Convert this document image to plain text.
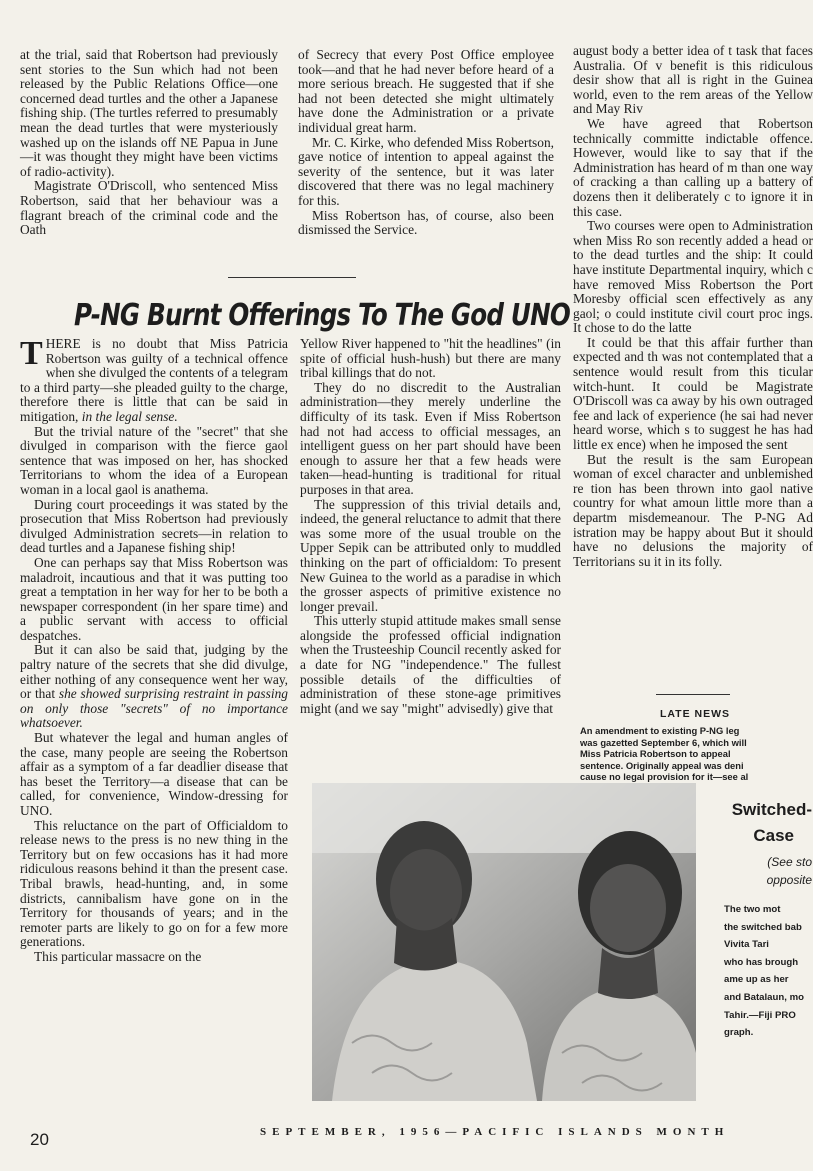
at the trial, said that Robertson had previously sent stories to the Sun which had not been released by the Public Relations Office—one concerned dead turtles and the other a Japanese fishing ship. (The turtles referred to presumably mean the dead turtles that were mysteriously washed up on the islands off NE Papua in June—it was thought they might have been victims of radio-activity).

Magistrate O'Driscoll, who sentenced Miss Robertson, said that her behaviour was a flagrant breach of the criminal code and the Oath

of Secrecy that every Post Office employee took—and that he had never before heard of a more serious breach. He suggested that if she had not been detected she might ultimately have done the Administration or a private individual great harm.

Mr. C. Kirke, who defended Miss Robertson, gave notice of intention to appeal against the severity of the sentence, but it was later discovered that there was no legal machinery for this.

Miss Robertson has, of course, also been dismissed the Service.

august body a better idea of t task that faces Australia. Of v benefit is this ridiculous desir show that all is right in the Guinea world, even to the rem areas of the Yellow and May Riv

We have agreed that Robertson technically committe indictable offence. However, would like to say that if the Administration has heard of m than one way of cracking a than calling up a battery of dozens then it deliberately c to ignore it in this case.

Two courses were open to Administration when Miss Ro son recently added a head or to the dead turtles and the ship: It could have institute Departmental inquiry, which c have removed Miss Robertson the Port Moresby official scen effectively as any gaol; o could institute civil court proc ings. It chose to do the latte

It could be that this affair further than expected and th was not contemplated that a sentence would result from this ticular witch-hunt. It could be Magistrate O'Driscoll was ca away by his own outraged fee and lack of experience (he sai had never heard worse, which s to suggest he has had little ex ence) when he imposed the sent

But the result is the sam European woman of excel character and unblemished re tion has been thrown into gaol native country for what amoun little more than a departm misdemeanour. The P-NG Ad istration may be happy about But it should have no delusions the majority of Territorians su it in its folly.

P-NG Burnt Offerings To The God UNO

THERE is no doubt that Miss Patricia Robertson was guilty of a technical offence when she divulged the contents of a telegram to a third party—she pleaded guilty to the charge, therefore there is little that can be said in mitigation, in the legal sense.

But the trivial nature of the "secret" that she divulged in comparison with the fierce gaol sentence that was imposed on her, has shocked Territorians to whom the idea of a European woman in a local gaol is anathema.

During court proceedings it was stated by the prosecution that Miss Robertson had previously divulged Administration secrets—in relation to dead turtles and a Japanese fishing ship!

One can perhaps say that Miss Robertson was maladroit, incautious and that it was putting too great a temptation in her way for her to be both a newspaper correspondent (in her spare time) and a public servant with access to official despatches.

But it can also be said that, judging by the paltry nature of the secrets that she did divulge, either nothing of any consequence went her way, or that she showed surprising restraint in passing on only those "secrets" of no importance whatsoever.

But whatever the legal and human angles of the case, many people are seeing the Robertson affair as a symptom of a far deadlier disease that has beset the Territory—a disease that can be called, for convenience, Window-dressing for UNO.

This reluctance on the part of Officialdom to release news to the press is no new thing in the Territory but on few occasions has it had more ridiculous reasons behind it than the present case. Tribal brawls, head-hunting, and, in some districts, cannibalism have gone on in the Territory for thousands of years; and in the remoter parts are likely to go on for a few more generations.

This particular massacre on the

Yellow River happened to "hit the headlines" (in spite of official hush-hush) but there are many tribal killings that do not.

They do no discredit to the Australian administration—they merely underline the difficulty of its task. Even if Miss Robertson had not had access to official messages, an intelligent guess on her part should have been enough to assure her that a few heads were taken—head-hunting is traditional for ritual purposes in that area.

The suppression of this trivial details and, indeed, the general reluctance to admit that there was some more of the usual trouble on the Upper Sepik can be attributed only to muddled thinking on the part of officialdom: To present New Guinea to the world as a paradise in which the grosser aspects of primitive existence no longer prevail.

This utterly stupid attitude makes small sense alongside the professed official indignation when the Trusteeship Council recently asked for a date for NG "independence." The fullest possible details of the difficulties of administration of these stone-age primitives might (and we say "might" advisedly) give that	LATE NEWS
An amendment to existing P-NG leg
was gazetted September 6, which will
Miss Patricia Robertson to appeal
sentence. Originally appeal was deni
cause no legal provision for it—see al
Switched-
Case
(See sto
opposite
The two mot
the switched bab
Vivita Tari
who has brough
ame up as her
and Batalaun, mo
Tahir.—Fiji PRO
graph.
20	SEPTEMBER, 1956—PACIFIC ISLANDS MONTH
